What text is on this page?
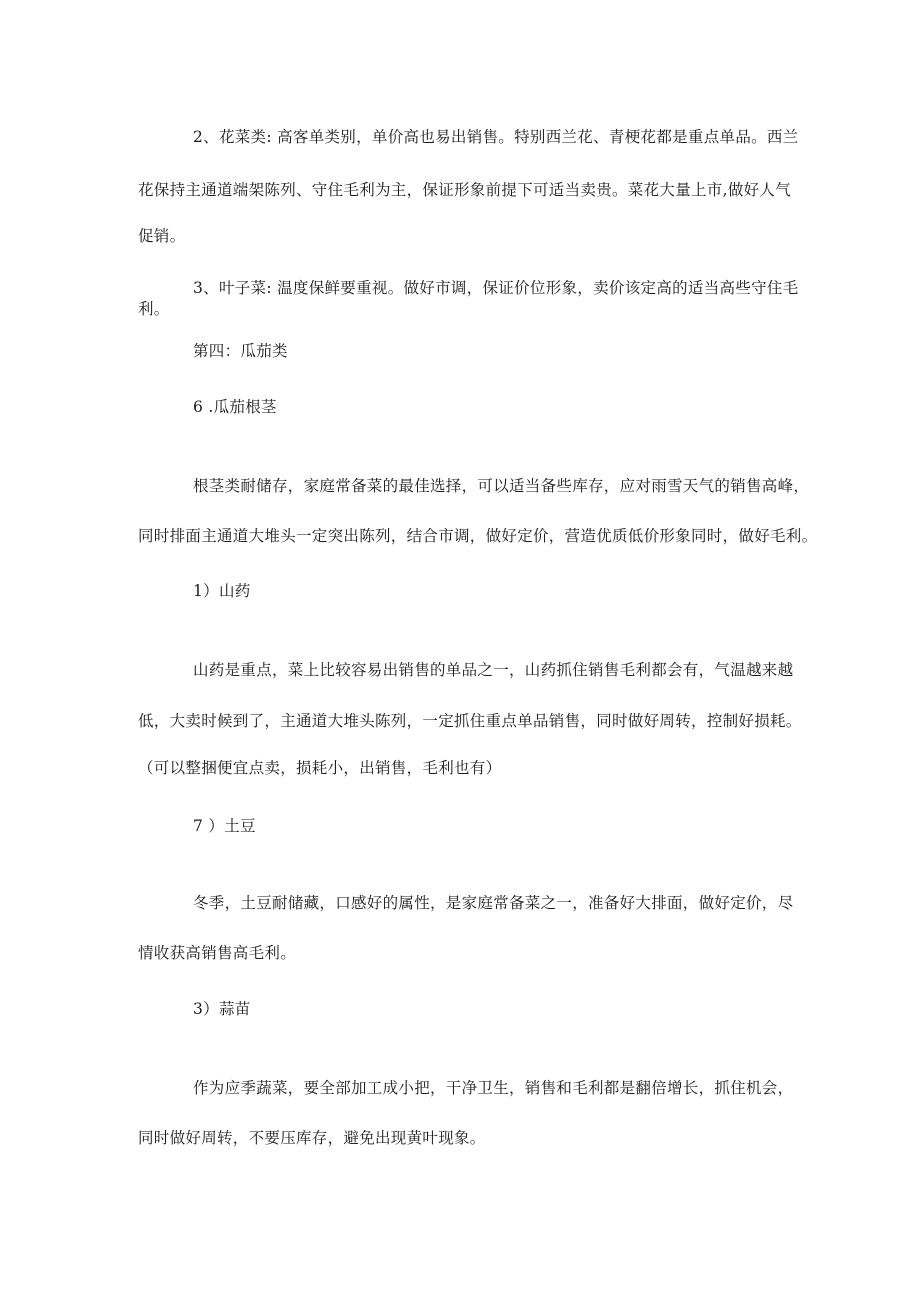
2、花菜类: 高客单类别，单价高也易出销售。特别西兰花、青梗花都是重点单品。西兰
花保持主通道端架陈列、守住毛利为主，保证形象前提下可适当卖贵。菜花大量上市,做好人气
促销。
3、叶子菜: 温度保鲜要重视。做好市调，保证价位形象，卖价该定高的适当高些守住毛
利。
第四：瓜茄类
6 .瓜茄根茎
根茎类耐储存，家庭常备菜的最佳选择，可以适当备些库存，应对雨雪天气的销售高峰，
同时排面主通道大堆头一定突出陈列，结合市调，做好定价，营造优质低价形象同时，做好毛利。
1）山药
山药是重点，菜上比较容易出销售的单品之一，山药抓住销售毛利都会有，气温越来越
低，大卖时候到了，主通道大堆头陈列，一定抓住重点单品销售，同时做好周转，控制好损耗。
（可以整捆便宜点卖，损耗小，出销售，毛利也有）
7 ）土豆
冬季，土豆耐储藏，口感好的属性，是家庭常备菜之一，准备好大排面，做好定价，尽
情收获高销售高毛利。
3）蒜苗
作为应季蔬菜，要全部加工成小把，干净卫生，销售和毛利都是翻倍增长，抓住机会，
同时做好周转，不要压库存，避免出现黄叶现象。
